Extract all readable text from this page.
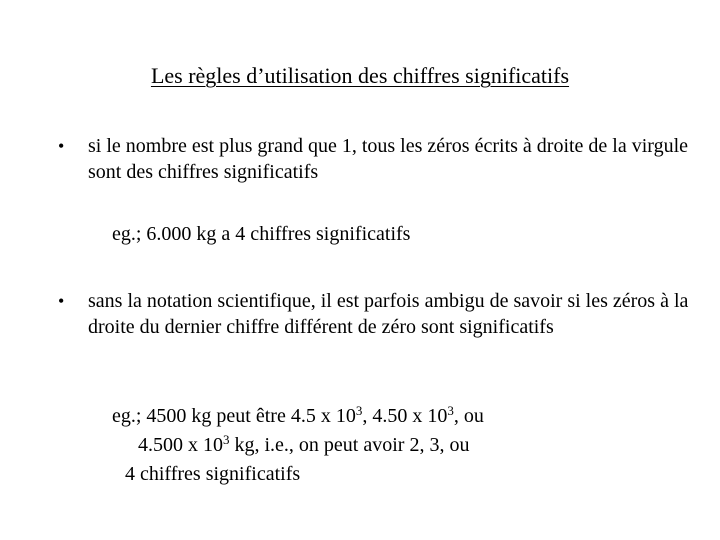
Les règles d’utilisation des chiffres significatifs
• si le nombre est plus grand que 1, tous les zéros écrits à droite de la virgule sont des chiffres significatifs
eg.; 6.000 kg a 4 chiffres significatifs
• sans la notation scientifique, il est parfois ambigu de savoir si les zéros à la droite du dernier chiffre différent de zéro sont significatifs
eg.; 4500 kg peut être 4.5 x $10^3$, 4.50 x $10^3$, ou
4.500 x $10^3$ kg, i.e., on peut avoir 2, 3, ou
4 chiffres significatifs
